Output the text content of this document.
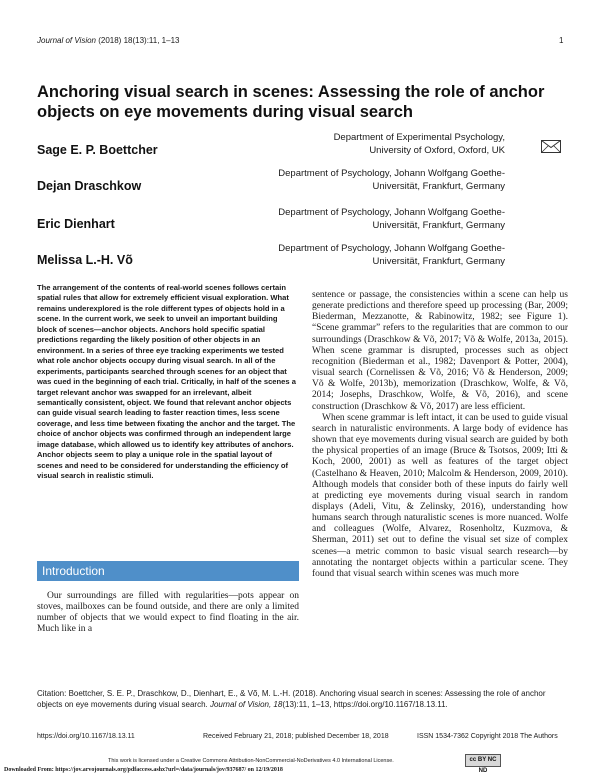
Journal of Vision (2018) 18(13):11, 1–13	1
Anchoring visual search in scenes: Assessing the role of anchor objects on eye movements during visual search
Sage E. P. Boettcher
Department of Experimental Psychology,
University of Oxford, Oxford, UK
Dejan Draschkow
Department of Psychology, Johann Wolfgang Goethe-
Universität, Frankfurt, Germany
Eric Dienhart
Department of Psychology, Johann Wolfgang Goethe-
Universität, Frankfurt, Germany
Melissa L.-H. Võ
Department of Psychology, Johann Wolfgang Goethe-
Universität, Frankfurt, Germany
The arrangement of the contents of real-world scenes follows certain spatial rules that allow for extremely efficient visual exploration. What remains underexplored is the role different types of objects hold in a scene. In the current work, we seek to unveil an important building block of scenes—anchor objects. Anchors hold specific spatial predictions regarding the likely position of other objects in an environment. In a series of three eye tracking experiments we tested what role anchor objects occupy during visual search. In all of the experiments, participants searched through scenes for an object that was cued in the beginning of each trial. Critically, in half of the scenes a target relevant anchor was swapped for an irrelevant, albeit semantically consistent, object. We found that relevant anchor objects can guide visual search leading to faster reaction times, less scene coverage, and less time between fixating the anchor and the target. The choice of anchor objects was confirmed through an independent large image database, which allowed us to identify key attributes of anchors. Anchor objects seem to play a unique role in the spatial layout of scenes and need to be considered for understanding the efficiency of visual search in realistic stimuli.
Introduction

Our surroundings are filled with regularities—pots appear on stoves, mailboxes can be found outside, and there are only a limited number of objects that we would expect to find floating in the air. Much like in a

sentence or passage, the consistencies within a scene can help us generate predictions and therefore speed up processing (Bar, 2009; Biederman, Mezzanotte, & Rabinowitz, 1982; see Figure 1). “Scene grammar” refers to the regularities that are common to our surroundings (Draschkow & Võ, 2017; Võ & Wolfe, 2013a, 2015). When scene grammar is disrupted, processes such as object recognition (Biederman et al., 1982; Davenport & Potter, 2004), visual search (Cornelissen & Võ, 2016; Võ & Henderson, 2009; Võ & Wolfe, 2013b), memorization (Draschkow, Wolfe, & Võ, 2014; Josephs, Draschkow, Wolfe, & Võ, 2016), and scene construction (Draschkow & Võ, 2017) are less efficient.

When scene grammar is left intact, it can be used to guide visual search in naturalistic environments. A large body of evidence has shown that eye movements during visual search are guided by both the physical properties of an image (Bruce & Tsotsos, 2009; Itti & Koch, 2000, 2001) as well as features of the target object (Castelhano & Heaven, 2010; Malcolm & Henderson, 2009, 2010). Although models that consider both of these inputs do fairly well at predicting eye movements during visual search in random displays (Adeli, Vitu, & Zelinsky, 2016), understanding how humans search through naturalistic scenes is more nuanced. Wolfe and colleagues (Wolfe, Alvarez, Rosenholtz, Kuzmova, & Sherman, 2011) set out to define the visual set size of complex scenes—a metric common to basic visual search research—by annotating the nontarget objects within a particular scene. They found that visual search within scenes was much more

Citation: Boettcher, S. E. P., Draschkow, D., Dienhart, E., & Võ, M. L.-H. (2018). Anchoring visual search in scenes: Assessing the role of anchor objects on eye movements during visual search. Journal of Vision, 18(13):11, 1–13, https://doi.org/10.1167/18.13.11.
https://doi.org/10.1167/18.13.11	Received February 21, 2018; published December 18, 2018	ISSN 1534-7362 Copyright 2018 The Authors
This work is licensed under a Creative Commons Attribution-NonCommercial-NoDerivatives 4.0 International License.	cc BY NC ND
Downloaded From: https://jov.arvojournals.org/pdfaccess.ashx?url=/data/journals/jov/937687/ on 12/19/2018
